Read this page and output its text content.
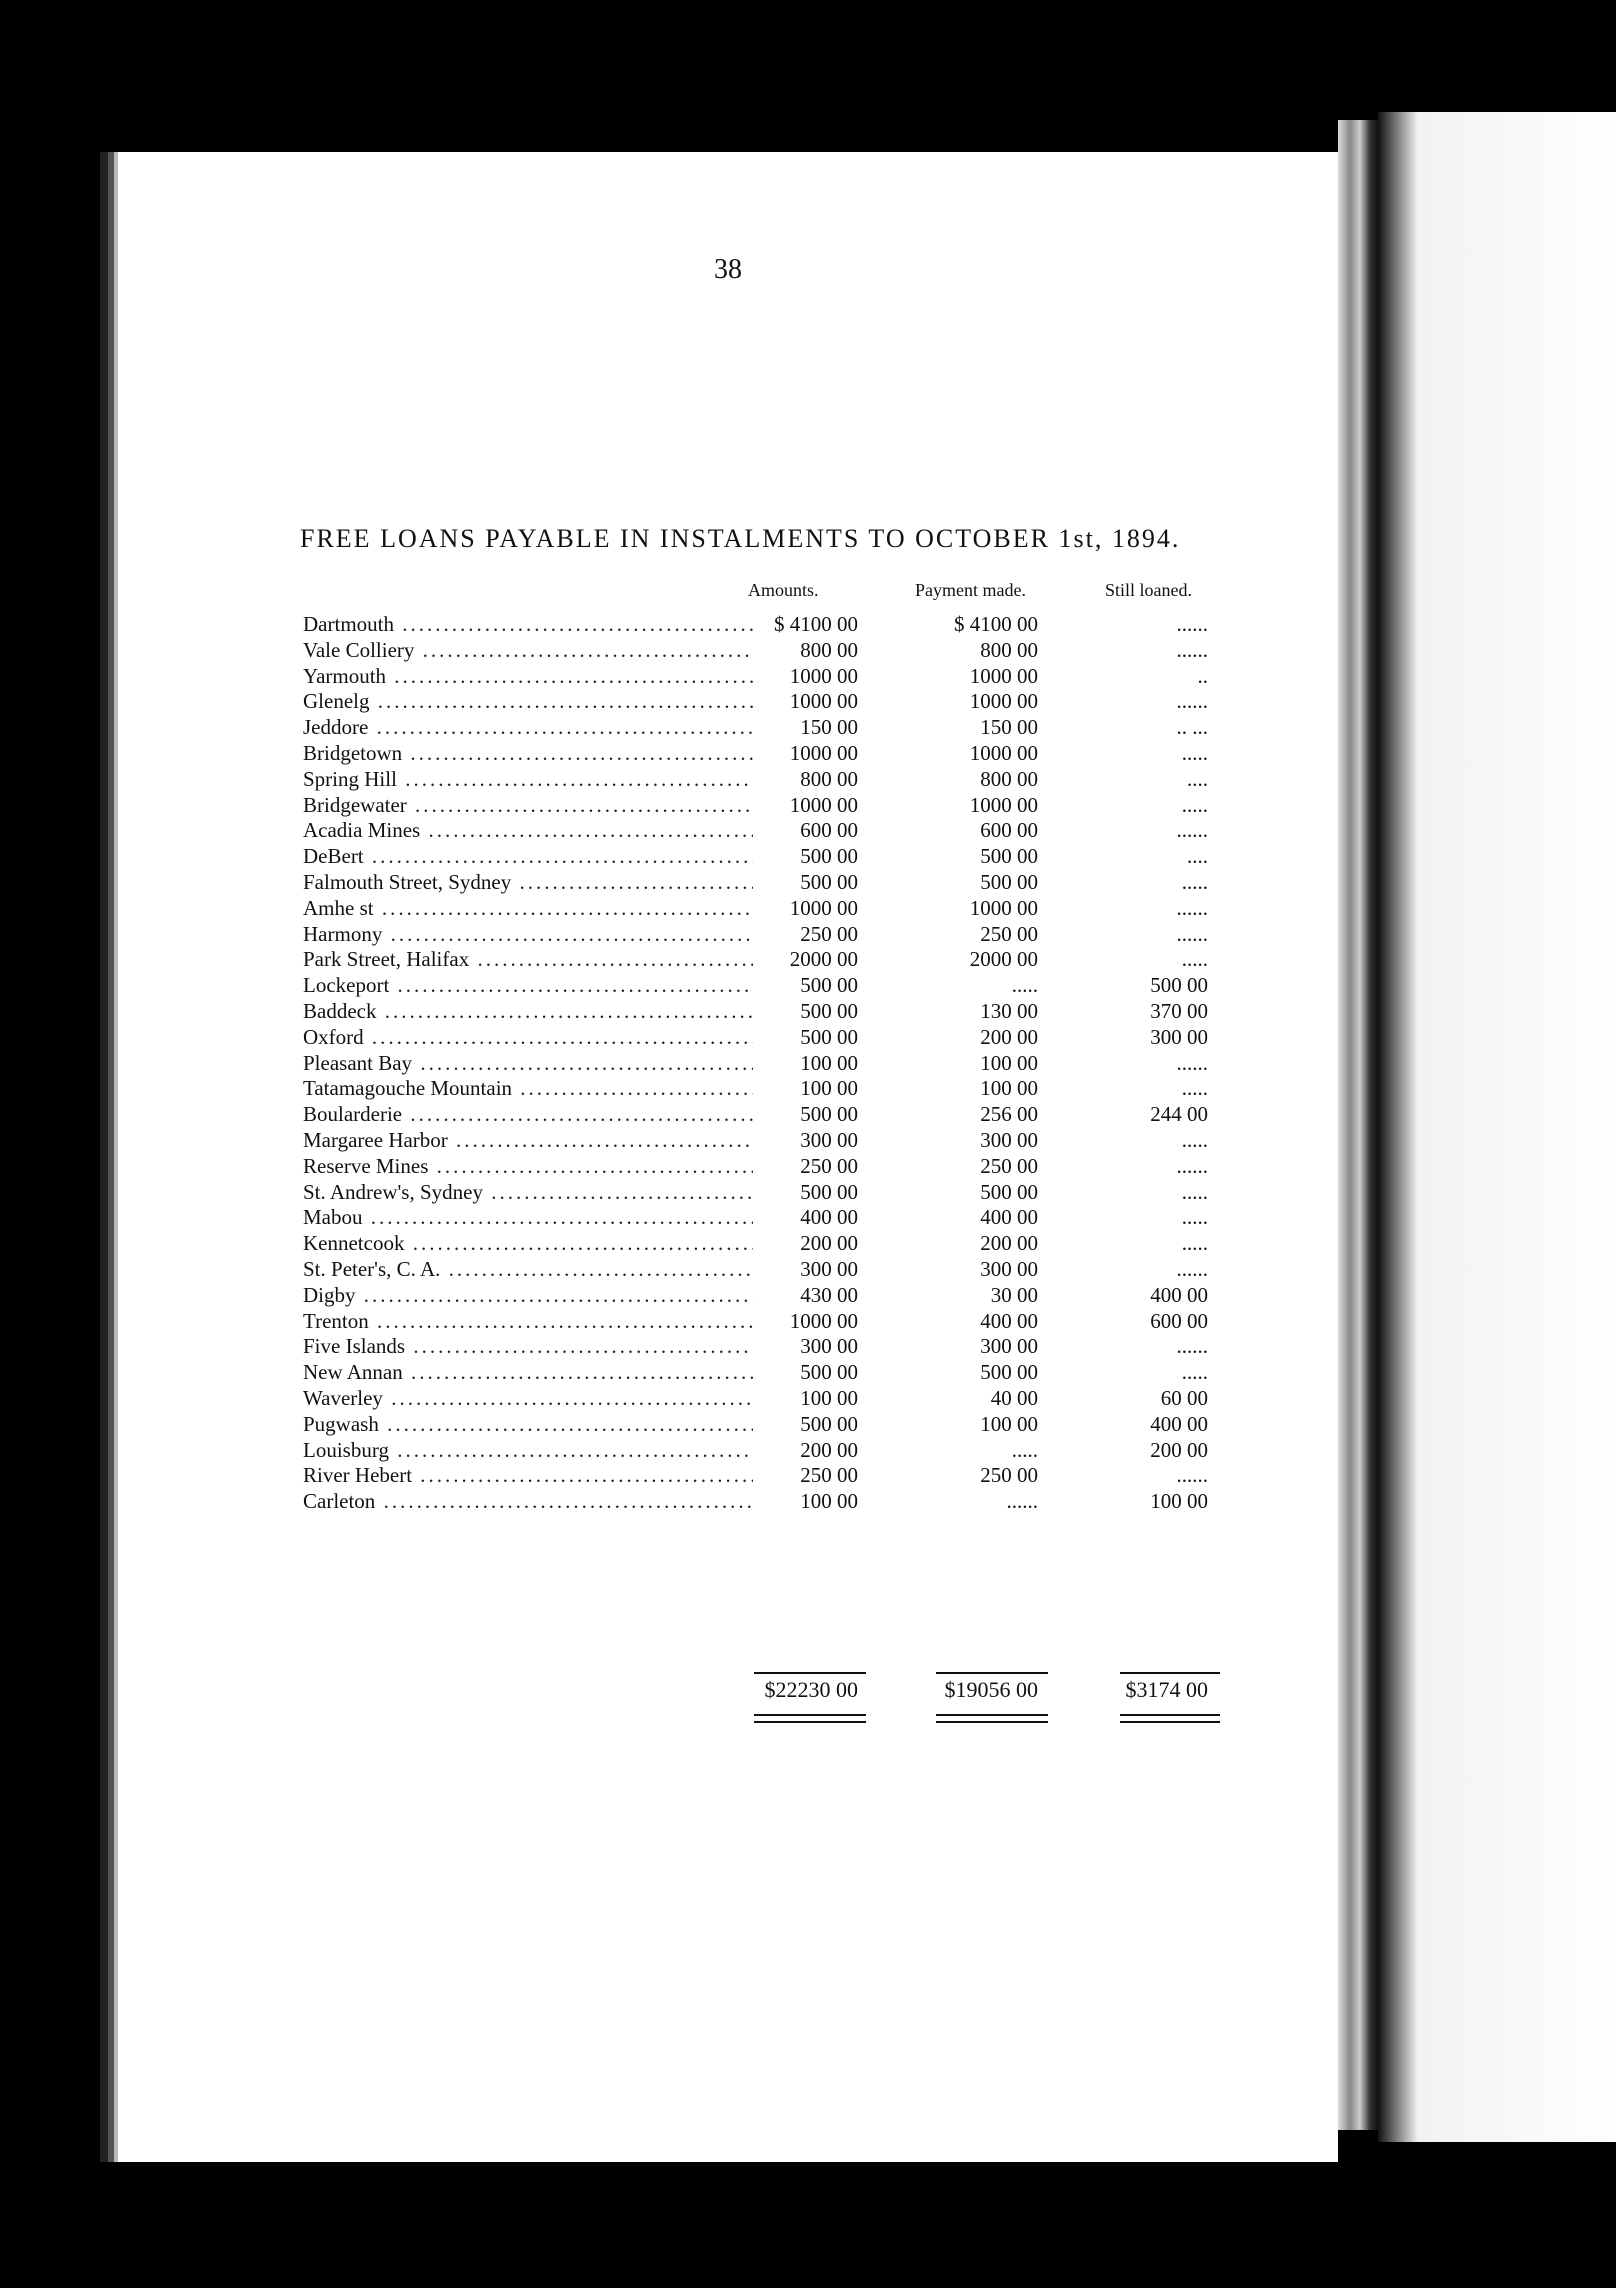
38
FREE LOANS PAYABLE IN INSTALMENTS TO OCTOBER 1st, 1894.
Amounts.	Payment made.	Still loaned.
Dartmouth .....	$ 4100 00	$ 4100 00	......
Vale Colliery .....	800 00	800 00	......
Yarmouth .....	1000 00	1000 00	..
Glenelg .....	1000 00	1000 00	......
Jeddore .....	150 00	150 00	.. ...
Bridgetown .....	1000 00	1000 00	.....
Spring Hill .....	800 00	800 00	....
Bridgewater .....	1000 00	1000 00	.....
Acadia Mines .....	600 00	600 00	......
DeBert .....	500 00	500 00	....
Falmouth Street, Sydney .....	500 00	500 00	.....
Amhe st .....	1000 00	1000 00	......
Harmony .....	250 00	250 00	......
Park Street, Halifax .....	2000 00	2000 00	.....
Lockeport .....	500 00	.....	500 00
Baddeck .....	500 00	130 00	370 00
Oxford .....	500 00	200 00	300 00
Pleasant Bay .....	100 00	100 00	......
Tatamagouche Mountain .....	100 00	100 00	.....
Boularderie .....	500 00	256 00	244 00
Margaree Harbor .....	300 00	300 00	.....
Reserve Mines .....	250 00	250 00	......
St. Andrew's, Sydney .....	500 00	500 00	.....
Mabou .....	400 00	400 00	.....
Kennetcook .....	200 00	200 00	.....
St. Peter's, C. A. .....	300 00	300 00	......
Digby .....	430 00	30 00	400 00
Trenton .....	1000 00	400 00	600 00
Five Islands .....	300 00	300 00	......
New Annan .....	500 00	500 00	.....
Waverley .....	100 00	40 00	60 00
Pugwash .....	500 00	100 00	400 00
Louisburg .....	200 00	.....	200 00
River Hebert .....	250 00	250 00	......
Carleton .....	100 00	......	100 00
$22230 00	$19056 00	$3174 00
